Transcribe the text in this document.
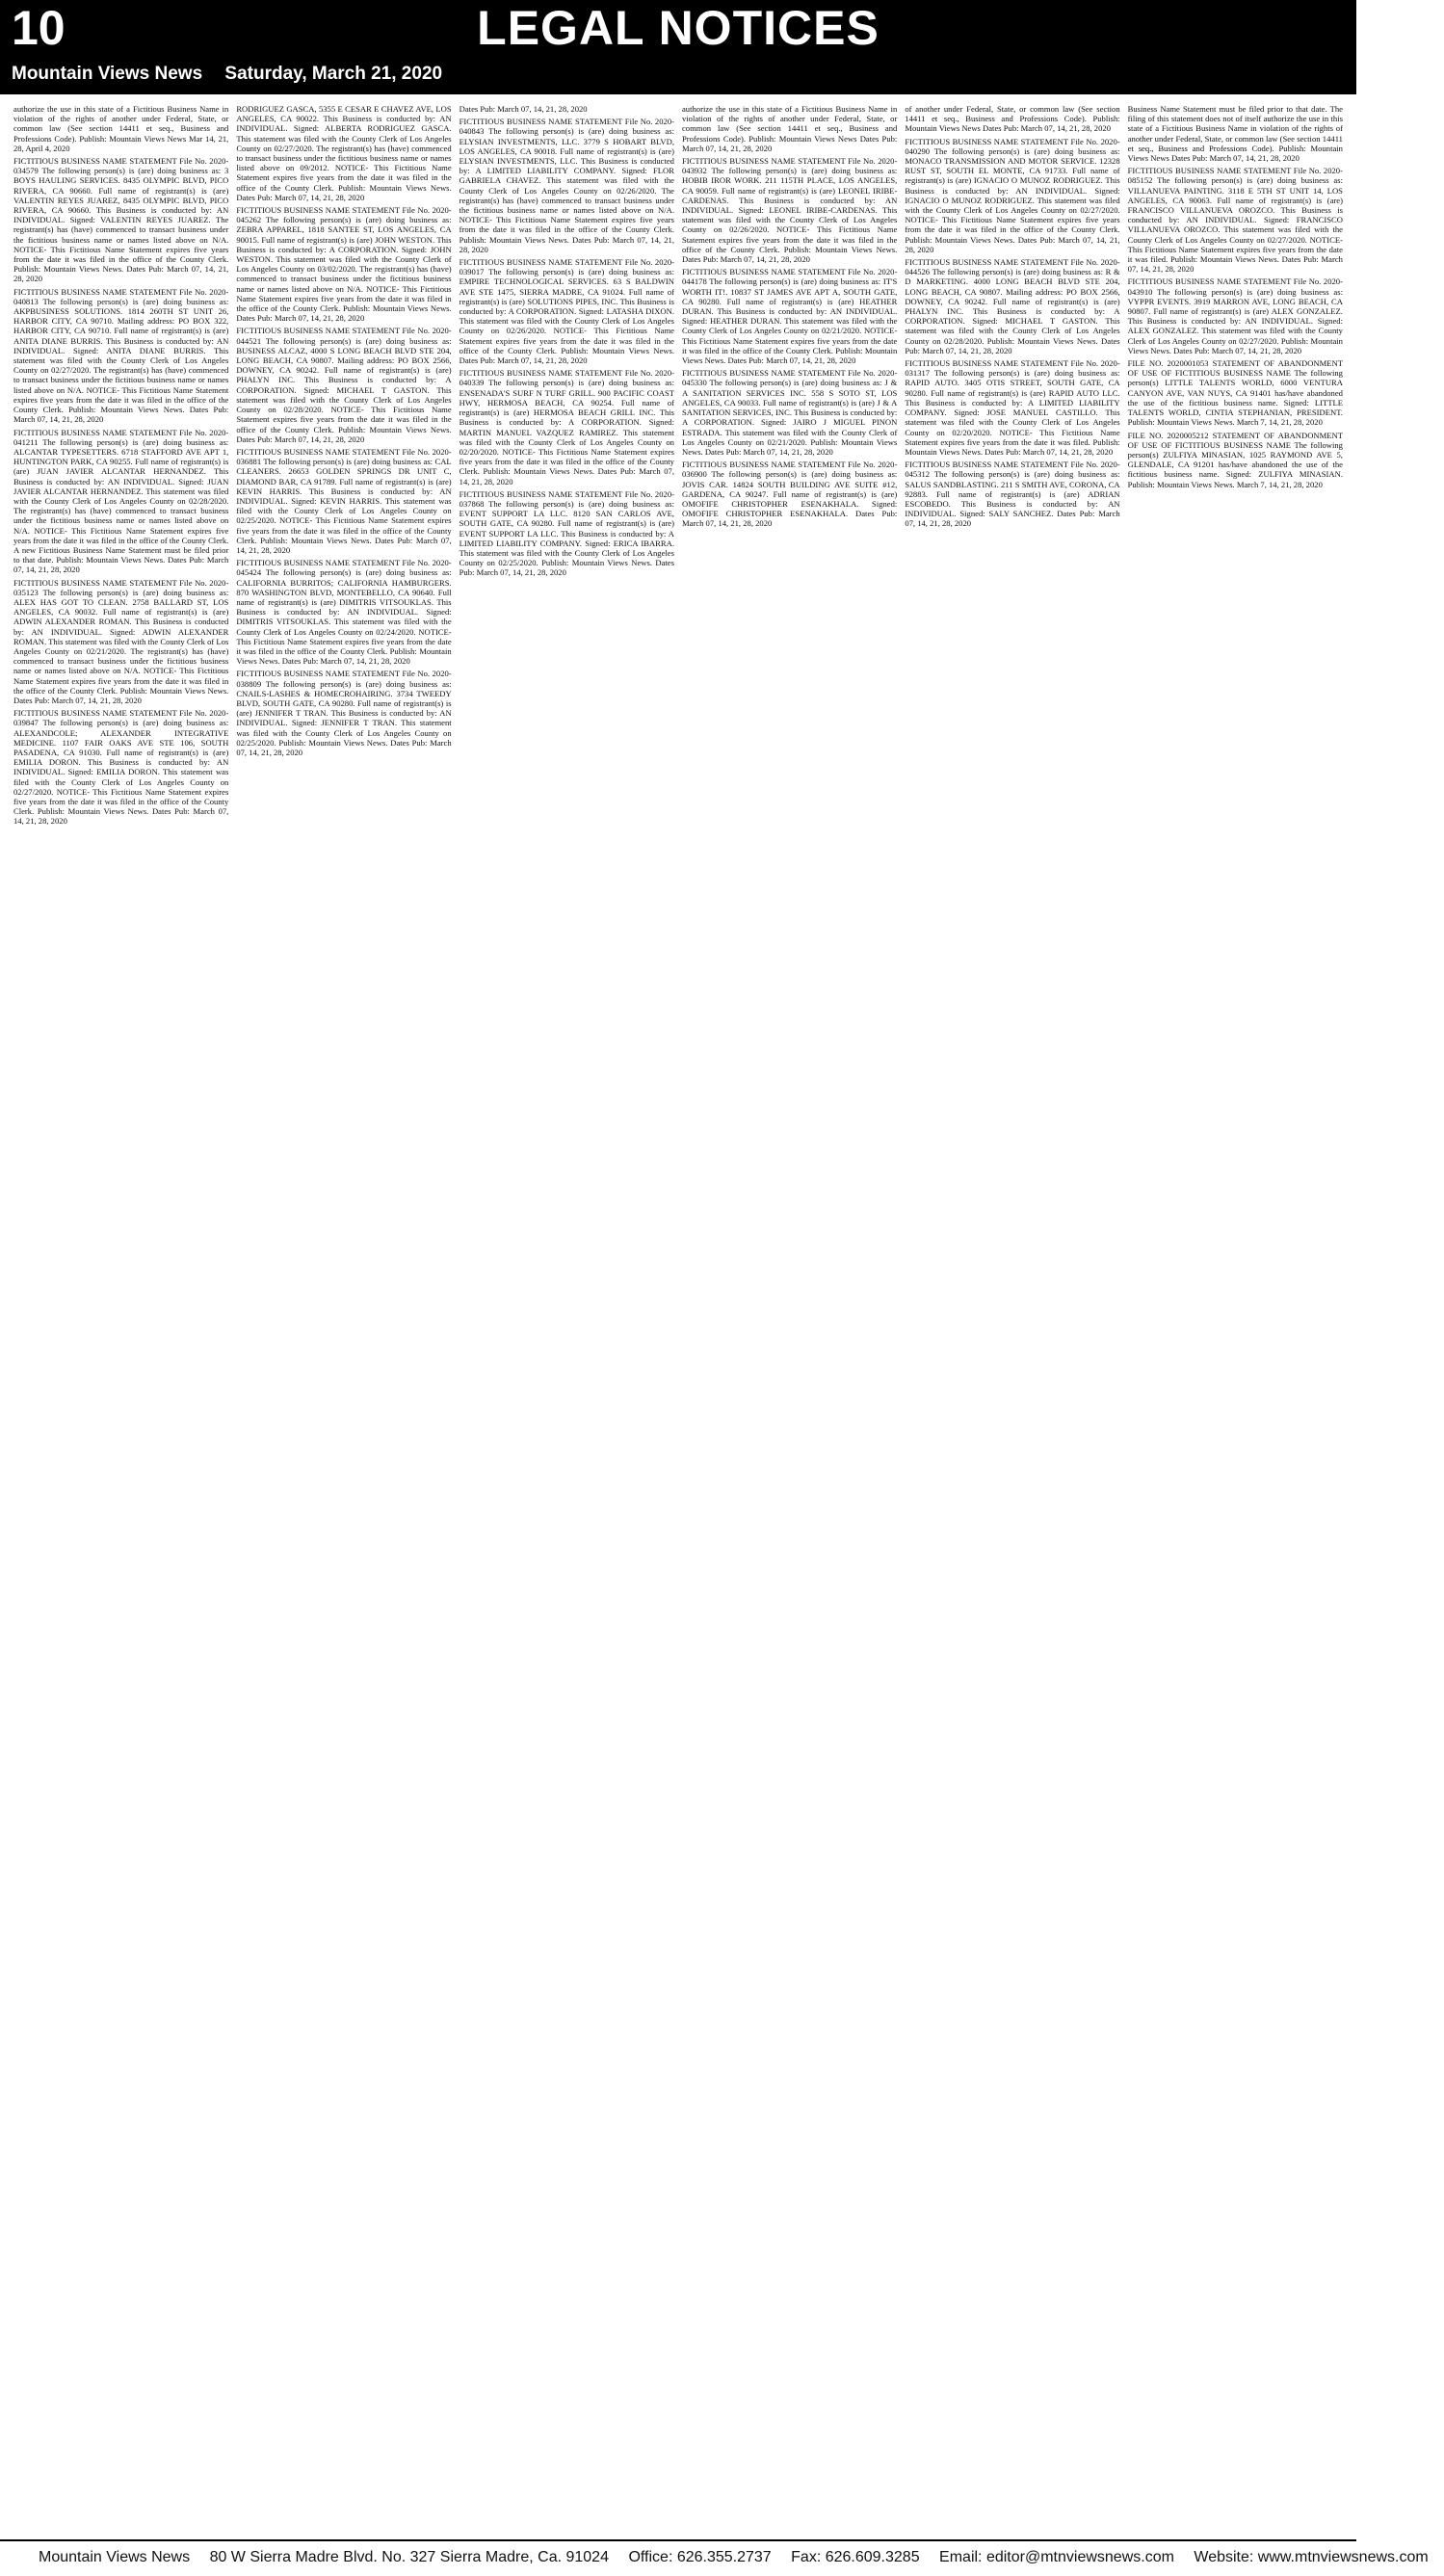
10	LEGAL NOTICES
Mountain Views News Saturday, March 21, 2020

authorize the use in this state of a Fictitious Business Name in violation of the rights of another under Federal, State, or common law (See section 14411 et seq., Business and Professions Code). Publish: Mountain Views News Mar 14, 21, 28, April 4, 2020

FICTITIOUS BUSINESS NAME STATEMENT File No. 2020-034579 The following person(s) is (are) doing business as: 3 BOYS HAULING SERVICES. 8435 OLYMPIC BLVD, PICO RIVERA, CA 90660. Full name of registrant(s) is (are) VALENTIN REYES JUAREZ, 8435 OLYMPIC BLVD, PICO RIVERA, CA 90660. This Business is conducted by: AN INDIVIDUAL. Signed: VALENTIN REYES JUAREZ. The registrant(s) has (have) commenced to transact business under the fictitious business name or names listed above on N/A. NOTICE- This Fictitious Name Statement expires five years from the date it was filed in the office of the County Clerk. Publish: Mountain Views News. Dates Pub: March 07, 14, 21, 28, 2020

FICTITIOUS BUSINESS NAME STATEMENT File No. 2020-040813 The following person(s) is (are) doing business as: AKPBUSINESS SOLUTIONS. 1814 260TH ST UNIT 26, HARBOR CITY, CA 90710. Mailing address: PO BOX 322, HARBOR CITY, CA 90710. Full name of registrant(s) is (are) ANITA DIANE BURRIS. This Business is conducted by: AN INDIVIDUAL. Signed: ANITA DIANE BURRIS. This statement was filed with the County Clerk of Los Angeles County on 02/27/2020. The registrant(s) has (have) commenced to transact business under the fictitious business name or names listed above on N/A. NOTICE- This Fictitious Name Statement expires five years from the date it was filed in the office of the County Clerk. Publish: Mountain Views News. Dates Pub: March 07, 14, 21, 28, 2020

FICTITIOUS BUSINESS NAME STATEMENT File No. 2020-041211 The following person(s) is (are) doing business as: ALCANTAR TYPESETTERS. 6718 STAFFORD AVE APT 1, HUNTINGTON PARK, CA 90255. Full name of registrant(s) is (are) JUAN JAVIER ALCANTAR HERNANDEZ. This Business is conducted by: AN INDIVIDUAL. Signed: JUAN JAVIER ALCANTAR HERNANDEZ. This statement was filed with the County Clerk of Los Angeles County on 02/28/2020. The registrant(s) has (have) commenced to transact business under the fictitious business name or names listed above on N/A. NOTICE- This Fictitious Name Statement expires five years from the date it was filed in the office of the County Clerk. A new Fictitious Business Name Statement must be filed prior to that date. Publish: Mountain Views News. Dates Pub: March 07, 14, 21, 28, 2020

FICTITIOUS BUSINESS NAME STATEMENT File No. 2020-035123 The following person(s) is (are) doing business as: ALEX HAS GOT TO CLEAN. 2758 BALLARD ST, LOS ANGELES, CA 90032. Full name of registrant(s) is (are) ADWIN ALEXANDER ROMAN. This Business is conducted by: AN INDIVIDUAL. Signed: ADWIN ALEXANDER ROMAN. This statement was filed with the County Clerk of Los Angeles County on 02/21/2020. The registrant(s) has (have) commenced to transact business under the fictitious business name or names listed above on N/A. NOTICE- This Fictitious Name Statement expires five years from the date it was filed in the office of the County Clerk. Publish: Mountain Views News. Dates Pub: March 07, 14, 21, 28, 2020

FICTITIOUS BUSINESS NAME STATEMENT File No. 2020-039847 The following person(s) is (are) doing business as: ALEXANDCOLE; ALEXANDER INTEGRATIVE MEDICINE. 1107 FAIR OAKS AVE STE 106, SOUTH PASADENA, CA 91030. Full name of registrant(s) is (are) EMILIA DORON. This Business is conducted by: AN INDIVIDUAL. Signed: EMILIA DORON. This statement was filed with the County Clerk of Los Angeles County on 02/27/2020. NOTICE- This Fictitious Name Statement expires five years from the date it was filed in the office of the County Clerk. Publish: Mountain Views News. Dates Pub: March 07, 14, 21, 28, 2020

RODRIGUEZ GASCA, 5355 E CESAR E CHAVEZ AVE, LOS ANGELES, CA 90022. This Business is conducted by: AN INDIVIDUAL. Signed: ALBERTA RODRIGUEZ GASCA. This statement was filed with the County Clerk of Los Angeles County on 02/27/2020. The registrant(s) has (have) commenced to transact business under the fictitious business name or names listed above on 09/2012. NOTICE- This Fictitious Name Statement expires five years from the date it was filed in the office of the County Clerk. Publish: Mountain Views News. Dates Pub: March 07, 14, 21, 28, 2020

FICTITIOUS BUSINESS NAME STATEMENT File No. 2020-045262 The following person(s) is (are) doing business as: ZEBRA APPAREL, 1818 SANTEE ST, LOS ANGELES, CA 90015. Full name of registrant(s) is (are) JOHN WESTON. This Business is conducted by: A CORPORATION. Signed: JOHN WESTON. This statement was filed with the County Clerk of Los Angeles County on 03/02/2020. The registrant(s) has (have) commenced to transact business under the fictitious business name or names listed above on N/A. NOTICE- This Fictitious Name Statement expires five years from the date it was filed in the office of the County Clerk. Publish: Mountain Views News. Dates Pub: March 07, 14, 21, 28, 2020

FICTITIOUS BUSINESS NAME STATEMENT File No. 2020-044521 The following person(s) is (are) doing business as: BUSINESS ALCAZ, 4000 S LONG BEACH BLVD STE 204, LONG BEACH, CA 90807. Mailing address: PO BOX 2566, DOWNEY, CA 90242. Full name of registrant(s) is (are) PHALYN INC. This Business is conducted by: A CORPORATION. Signed: MICHAEL T GASTON. This statement was filed with the County Clerk of Los Angeles County on 02/28/2020. NOTICE- This Fictitious Name Statement expires five years from the date it was filed in the office of the County Clerk. Publish: Mountain Views News. Dates Pub: March 07, 14, 21, 28, 2020

FICTITIOUS BUSINESS NAME STATEMENT File No. 2020-036881 The following person(s) is (are) doing business as: CAL CLEANERS. 26653 GOLDEN SPRINGS DR UNIT C, DIAMOND BAR, CA 91789. Full name of registrant(s) is (are) KEVIN HARRIS. This Business is conducted by: AN INDIVIDUAL. Signed: KEVIN HARRIS. This statement was filed with the County Clerk of Los Angeles County on 02/25/2020. NOTICE- This Fictitious Name Statement expires five years from the date it was filed in the office of the County Clerk. Publish: Mountain Views News. Dates Pub: March 07, 14, 21, 28, 2020

FICTITIOUS BUSINESS NAME STATEMENT File No. 2020-045424 The following person(s) is (are) doing business as: CALIFORNIA BURRITOS; CALIFORNIA HAMBURGERS. 870 WASHINGTON BLVD, MONTEBELLO, CA 90640. Full name of registrant(s) is (are) DIMITRIS VITSOUKLAS. This Business is conducted by: AN INDIVIDUAL. Signed: DIMITRIS VITSOUKLAS. This statement was filed with the County Clerk of Los Angeles County on 02/24/2020. NOTICE- This Fictitious Name Statement expires five years from the date it was filed in the office of the County Clerk. Publish: Mountain Views News. Dates Pub: March 07, 14, 21, 28, 2020

FICTITIOUS BUSINESS NAME STATEMENT File No. 2020-038809 The following person(s) is (are) doing business as: CNAILS-LASHES & HOMECROHAIRING. 3734 TWEEDY BLVD, SOUTH GATE, CA 90280. Full name of registrant(s) is (are) JENNIFER T TRAN. This Business is conducted by: AN INDIVIDUAL. Signed: JENNIFER T TRAN. This statement was filed with the County Clerk of Los Angeles County on 02/25/2020. Publish: Mountain Views News. Dates Pub: March 07, 14, 21, 28, 2020

Dates Pub: March 07, 14, 21, 28, 2020

FICTITIOUS BUSINESS NAME STATEMENT File No. 2020-040843 The following person(s) is (are) doing business as: ELYSIAN INVESTMENTS, LLC. 3779 S HOBART BLVD, LOS ANGELES, CA 90018. Full name of registrant(s) is (are) ELYSIAN INVESTMENTS, LLC. This Business is conducted by: A LIMITED LIABILITY COMPANY. Signed: FLOR GABRIELA CHAVEZ. This statement was filed with the County Clerk of Los Angeles County on 02/26/2020. The registrant(s) has (have) commenced to transact business under the fictitious business name or names listed above on N/A. NOTICE- This Fictitious Name Statement expires five years from the date it was filed in the office of the County Clerk. Publish: Mountain Views News. Dates Pub: March 07, 14, 21, 28, 2020

FICTITIOUS BUSINESS NAME STATEMENT File No. 2020-039017 The following person(s) is (are) doing business as: EMPIRE TECHNOLOGICAL SERVICES. 63 S BALDWIN AVE STE 1475, SIERRA MADRE, CA 91024. Full name of registrant(s) is (are) SOLUTIONS PIPES, INC. This Business is conducted by: A CORPORATION. Signed: LATASHA DIXON. This statement was filed with the County Clerk of Los Angeles County on 02/26/2020. NOTICE- This Fictitious Name Statement expires five years from the date it was filed in the office of the County Clerk. Publish: Mountain Views News. Dates Pub: March 07, 14, 21, 28, 2020

FICTITIOUS BUSINESS NAME STATEMENT File No. 2020-040339 The following person(s) is (are) doing business as: ENSENADA'S SURF N TURF GRILL. 900 PACIFIC COAST HWY, HERMOSA BEACH, CA 90254. Full name of registrant(s) is (are) HERMOSA BEACH GRILL INC. This Business is conducted by: A CORPORATION. Signed: MARTIN MANUEL VAZQUEZ RAMIREZ. This statement was filed with the County Clerk of Los Angeles County on 02/20/2020. NOTICE- This Fictitious Name Statement expires five years from the date it was filed in the office of the County Clerk. Publish: Mountain Views News. Dates Pub: March 07, 14, 21, 28, 2020

FICTITIOUS BUSINESS NAME STATEMENT File No. 2020-037868 The following person(s) is (are) doing business as: EVENT SUPPORT LA LLC. 8120 SAN CARLOS AVE, SOUTH GATE, CA 90280. Full name of registrant(s) is (are) EVENT SUPPORT LA LLC. This Business is conducted by: A LIMITED LIABILITY COMPANY. Signed: ERICA IBARRA. This statement was filed with the County Clerk of Los Angeles County on 02/25/2020. Publish: Mountain Views News. Dates Pub: March 07, 14, 21, 28, 2020

authorize the use in this state of a Fictitious Business Name in violation of the rights of another under Federal, State, or common law (See section 14411 et seq., Business and Professions Code). Publish: Mountain Views News Dates Pub: March 07, 14, 21, 28, 2020

FICTITIOUS BUSINESS NAME STATEMENT File No. 2020-043932 The following person(s) is (are) doing business as: HOBIB IROR WORK. 211 115TH PLACE, LOS ANGELES, CA 90059. Full name of registrant(s) is (are) LEONEL IRIBE-CARDENAS. This Business is conducted by: AN INDIVIDUAL. Signed: LEONEL IRIBE-CARDENAS. This statement was filed with the County Clerk of Los Angeles County on 02/26/2020. NOTICE- This Fictitious Name Statement expires five years from the date it was filed in the office of the County Clerk. Publish: Mountain Views News. Dates Pub: March 07, 14, 21, 28, 2020

FICTITIOUS BUSINESS NAME STATEMENT File No. 2020-044178 The following person(s) is (are) doing business as: IT'S WORTH IT!. 10837 ST JAMES AVE APT A, SOUTH GATE, CA 90280. Full name of registrant(s) is (are) HEATHER DURAN. This Business is conducted by: AN INDIVIDUAL. Signed: HEATHER DURAN. This statement was filed with the County Clerk of Los Angeles County on 02/21/2020. NOTICE- This Fictitious Name Statement expires five years from the date it was filed in the office of the County Clerk. Publish: Mountain Views News. Dates Pub: March 07, 14, 21, 28, 2020

FICTITIOUS BUSINESS NAME STATEMENT File No. 2020-045330 The following person(s) is (are) doing business as: J & A SANITATION SERVICES INC. 558 S SOTO ST, LOS ANGELES, CA 90033. Full name of registrant(s) is (are) J & A SANITATION SERVICES, INC. This Business is conducted by: A CORPORATION. Signed: JAIRO J MIGUEL PINON ESTRADA. This statement was filed with the County Clerk of Los Angeles County on 02/21/2020. Publish: Mountain Views News. Dates Pub: March 07, 14, 21, 28, 2020

FICTITIOUS BUSINESS NAME STATEMENT File No. 2020-036900 The following person(s) is (are) doing business as: JOVIS CAR. 14824 SOUTH BUILDING AVE SUITE #12, GARDENA, CA 90247. Full name of registrant(s) is (are) OMOFIFE CHRISTOPHER ESENAKHALA. Signed: OMOFIFE CHRISTOPHER ESENAKHALA. Dates Pub: March 07, 14, 21, 28, 2020

of another under Federal, State, or common law (See section 14411 et seq., Business and Professions Code). Publish: Mountain Views News Dates Pub: March 07, 14, 21, 28, 2020

FICTITIOUS BUSINESS NAME STATEMENT File No. 2020-040290 The following person(s) is (are) doing business as: MONACO TRANSMISSION AND MOTOR SERVICE. 12328 RUST ST, SOUTH EL MONTE, CA 91733. Full name of registrant(s) is (are) IGNACIO O MUNOZ RODRIGUEZ. This Business is conducted by: AN INDIVIDUAL. Signed: IGNACIO O MUNOZ RODRIGUEZ. This statement was filed with the County Clerk of Los Angeles County on 02/27/2020. NOTICE- This Fictitious Name Statement expires five years from the date it was filed in the office of the County Clerk. Publish: Mountain Views News. Dates Pub: March 07, 14, 21, 28, 2020

FICTITIOUS BUSINESS NAME STATEMENT File No. 2020-044526 The following person(s) is (are) doing business as: R & D MARKETING. 4000 LONG BEACH BLVD STE 204, LONG BEACH, CA 90807. Mailing address: PO BOX 2566, DOWNEY, CA 90242. Full name of registrant(s) is (are) PHALYN INC. This Business is conducted by: A CORPORATION. Signed: MICHAEL T GASTON. This statement was filed with the County Clerk of Los Angeles County on 02/28/2020. Publish: Mountain Views News. Dates Pub: March 07, 14, 21, 28, 2020

FICTITIOUS BUSINESS NAME STATEMENT File No. 2020-031317 The following person(s) is (are) doing business as: RAPID AUTO. 3405 OTIS STREET, SOUTH GATE, CA 90280. Full name of registrant(s) is (are) RAPID AUTO LLC. This Business is conducted by: A LIMITED LIABILITY COMPANY. Signed: JOSE MANUEL CASTILLO. This statement was filed with the County Clerk of Los Angeles County on 02/20/2020. NOTICE- This Fictitious Name Statement expires five years from the date it was filed. Publish: Mountain Views News. Dates Pub: March 07, 14, 21, 28, 2020

FICTITIOUS BUSINESS NAME STATEMENT File No. 2020-045312 The following person(s) is (are) doing business as: SALUS SANDBLASTING. 211 S SMITH AVE, CORONA, CA 92883. Full name of registrant(s) is (are) ADRIAN ESCOBEDO. This Business is conducted by: AN INDIVIDUAL. Signed: SALY SANCHEZ. Dates Pub: March 07, 14, 21, 28, 2020

Business Name Statement must be filed prior to that date. The filing of this statement does not of itself authorize the use in this state of a Fictitious Business Name in violation of the rights of another under Federal, State, or common law (See section 14411 et seq., Business and Professions Code). Publish: Mountain Views News Dates Pub: March 07, 14, 21, 28, 2020

FICTITIOUS BUSINESS NAME STATEMENT File No. 2020-085152 The following person(s) is (are) doing business as: VILLANUEVA PAINTING. 3118 E 5TH ST UNIT 14, LOS ANGELES, CA 90063. Full name of registrant(s) is (are) FRANCISCO VILLANUEVA OROZCO. This Business is conducted by: AN INDIVIDUAL. Signed: FRANCISCO VILLANUEVA OROZCO. This statement was filed with the County Clerk of Los Angeles County on 02/27/2020. NOTICE- This Fictitious Name Statement expires five years from the date it was filed. Publish: Mountain Views News. Dates Pub: March 07, 14, 21, 28, 2020

FICTITIOUS BUSINESS NAME STATEMENT File No. 2020-043910 The following person(s) is (are) doing business as: VYPPR EVENTS. 3919 MARRON AVE, LONG BEACH, CA 90807. Full name of registrant(s) is (are) ALEX GONZALEZ. This Business is conducted by: AN INDIVIDUAL. Signed: ALEX GONZALEZ. This statement was filed with the County Clerk of Los Angeles County on 02/27/2020. Publish: Mountain Views News. Dates Pub: March 07, 14, 21, 28, 2020

FILE NO. 2020001053 STATEMENT OF ABANDONMENT OF USE OF FICTITIOUS BUSINESS NAME The following person(s) LITTLE TALENTS WORLD, 6000 VENTURA CANYON AVE, VAN NUYS, CA 91401 has/have abandoned the use of the fictitious business name. Signed: LITTLE TALENTS WORLD, CINTIA STEPHANIAN, PRESIDENT. Publish: Mountain Views News. March 7, 14, 21, 28, 2020

FILE NO. 2020005212 STATEMENT OF ABANDONMENT OF USE OF FICTITIOUS BUSINESS NAME The following person(s) ZULFIYA MINASIAN, 1025 RAYMOND AVE 5, GLENDALE, CA 91201 has/have abandoned the use of the fictitious business name. Signed: ZULFIYA MINASIAN. Publish: Mountain Views News. March 7, 14, 21, 28, 2020

Mountain Views News 80 W Sierra Madre Blvd. No. 327 Sierra Madre, Ca. 91024 Office: 626.355.2737 Fax: 626.609.3285 Email: editor@mtnviewsnews.com Website: www.mtnviewsnews.com
